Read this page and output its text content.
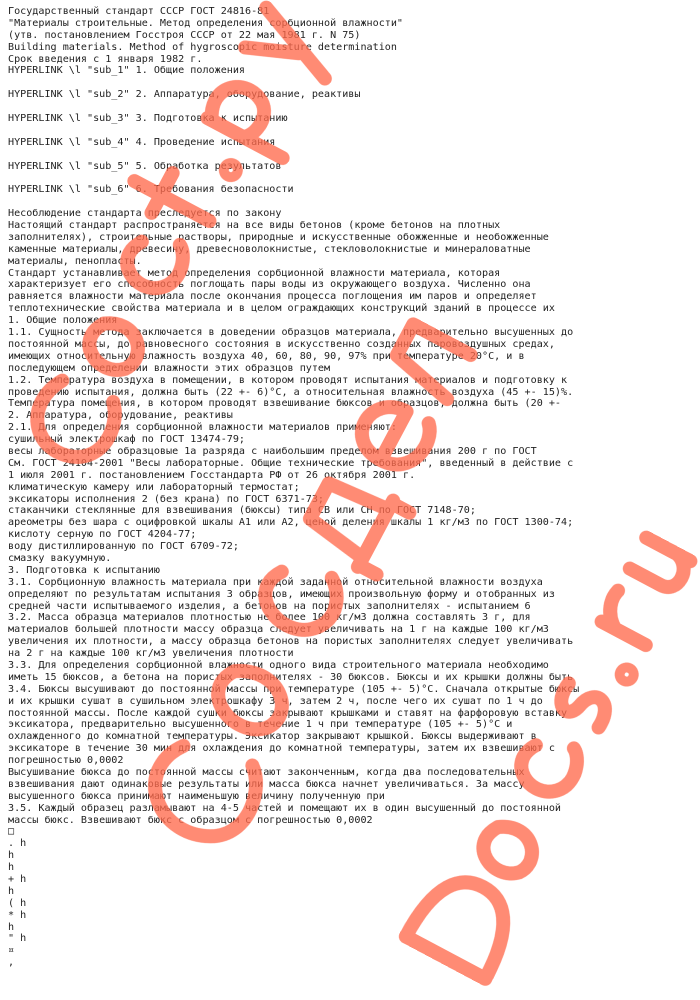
Государственный стандарт СССР ГОСТ 24816-81
"Материалы строительные. Метод определения сорбционной влажности"
(утв. постановлением Госстроя СССР от 22 мая 1981 г. N 75)
Building materials. Method of hygroscopic moisture determination
Срок введения с 1 января 1982 г.
HYPERLINK \l "sub_1" 1. Общие положения
HYPERLINK \l "sub_2" 2. Аппаратура, оборудование, реактивы
HYPERLINK \l "sub_3" 3. Подготовка к испытанию
HYPERLINK \l "sub_4" 4. Проведение испытания
HYPERLINK \l "sub_5" 5. Обработка результатов
HYPERLINK \l "sub_6" 6. Требования безопасности
Несоблюдение стандарта преследуется по закону
Настоящий стандарт распространяется на все виды бетонов (кроме бетонов на плотных
заполнителях), строительные растворы, природные и искусственные обожженные и необожженные
каменные материалы, древесину, древесноволокнистые, стекловолокнистые и минераловатные
материалы, пенопласты.
Стандарт устанавливает метод определения сорбционной влажности материала, которая
характеризует его способность поглощать пары воды из окружающего воздуха. Численно она
равняется влажности материала после окончания процесса поглощения им паров и определяет
теплотехнические свойства материала и в целом ограждающих конструкций зданий в процессе их
1. Общие положения
1.1. Сущность метода заключается в доведении образцов материала, предварительно высушенных до
постоянной массы, до равновесного состояния в искусственно созданных паровоздушных средах,
имеющих относительную влажность воздуха 40, 60, 80, 90, 97% при температуре 20°С, и в
последующем определении влажности этих образцов путем
1.2. Температура воздуха в помещении, в котором проводят испытания материалов и подготовку к
проведению испытания, должна быть (22 +- 6)°С, а относительная влажность воздуха (45 +- 15)%.
Температура помещения, в котором проводят взвешивание бюксов и образцов, должна быть (20 +-
2. Аппаратура, оборудование, реактивы
2.1. Для определения сорбционной влажности материалов применяют:
сушильный электрошкаф по ГОСТ 13474-79;
весы лабораторные образцовые 1а разряда с наибольшим пределом взвешивания 200 г по ГОСТ
См. ГОСТ 24104-2001 "Весы лабораторные. Общие технические требования", введенный в действие с
1 июля 2001 г. постановлением Госстандарта РФ от 26 октября 2001 г.
климатическую камеру или лабораторный термостат;
эксикаторы исполнения 2 (без крана) по ГОСТ 6371-73;
стаканчики стеклянные для взвешивания (бюксы) типа СВ или СН по ГОСТ 7148-70;
ареометры без шара с оцифровкой шкалы А1 или А2, ценой деления шкалы 1 кг/м3 по ГОСТ 1300-74;
кислоту серную по ГОСТ 4204-77;
воду дистиллированную по ГОСТ 6709-72;
смазку вакуумную.
3. Подготовка к испытанию
3.1. Сорбционную влажность материала при каждой заданной относительной влажности воздуха
определяют по результатам испытания 3 образцов, имеющих произвольную форму и отобранных из
средней части испытываемого изделия, а бетонов на пористых заполнителях - испытанием 6
3.2. Масса образца материалов плотностью не более 100 кг/м3 должна составлять 3 г, для
материалов большей плотности массу образца следует увеличивать на 1 г на каждые 100 кг/м3
увеличения их плотности, а массу образца бетонов на пористых заполнителях следует увеличивать
на 2 г на каждые 100 кг/м3 увеличения плотности
3.3. Для определения сорбционной влажности одного вида строительного материала необходимо
иметь 15 бюксов, а бетона на пористых заполнителях - 30 бюксов. Бюксы и их крышки должны быть
3.4. Бюксы высушивают до постоянной массы при температуре (105 +- 5)°С. Сначала открытые бюксы
и их крышки сушат в сушильном электрошкафу 3 ч, затем 2 ч, после чего их сушат по 1 ч до
постоянной массы. После каждой сушки бюксы закрывают крышками и ставят на фарфоровую вставку
эксикатора, предварительно высушенного в течение 1 ч при температуре (105 +- 5)°С и
охлажденного до комнатной температуры. Эксикатор закрывают крышкой. Бюксы выдерживают в
эксикаторе в течение 30 мин для охлаждения до комнатной температуры, затем их взвешивают с
погрешностью 0,0002
Высушивание бюкса до постоянной массы считают законченным, когда два последовательных
взвешивания дают одинаковые результаты или масса бюкса начнет увеличиваться. За массу
высушенного бюкса принимают наименьшую величину полученную при
3.5. Каждый образец разламывают на 4-5 частей и помещают их в один высушенный до постоянной
массы бюкс. Взвешивают бюкс с образцом с погрешностью 0,0002
□
. h
h
h
+ h
h
( h
* h
h
" h
¤
,
